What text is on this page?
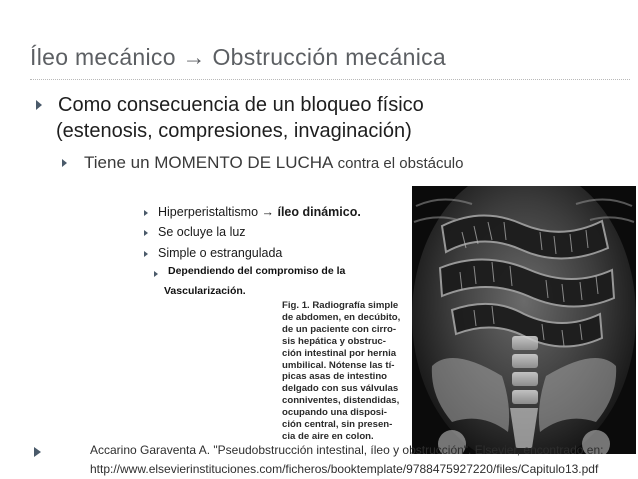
Íleo mecánico → Obstrucción mecánica
Como consecuencia de un bloqueo físico
(estenosis, compresiones, invaginación)
Tiene un MOMENTO DE LUCHA contra el obstáculo
Hiperperistaltismo → íleo dinámico.
Se ocluye la luz
Simple o estrangulada
Dependiendo del compromiso de la
Vascularización.
Fig. 1. Radiografía simple
de abdomen, en decúbito,
de un paciente con cirro-
sis hepática y obstruc-
ción intestinal por hernia
umbilical. Nótense las tí-
picas asas de intestino
delgado con sus válvulas
conniventes, distendidas,
ocupando una disposi-
ción central, sin presen-
cia de aire en colon.
Accarino Garaventa A. "Pseudobstrucción intestinal, íleo y obstrucción". Elsevier, encontrado en:
http://www.elsevierinstituciones.com/ficheros/booktemplate/9788475927220/files/Capitulo13.pdf
